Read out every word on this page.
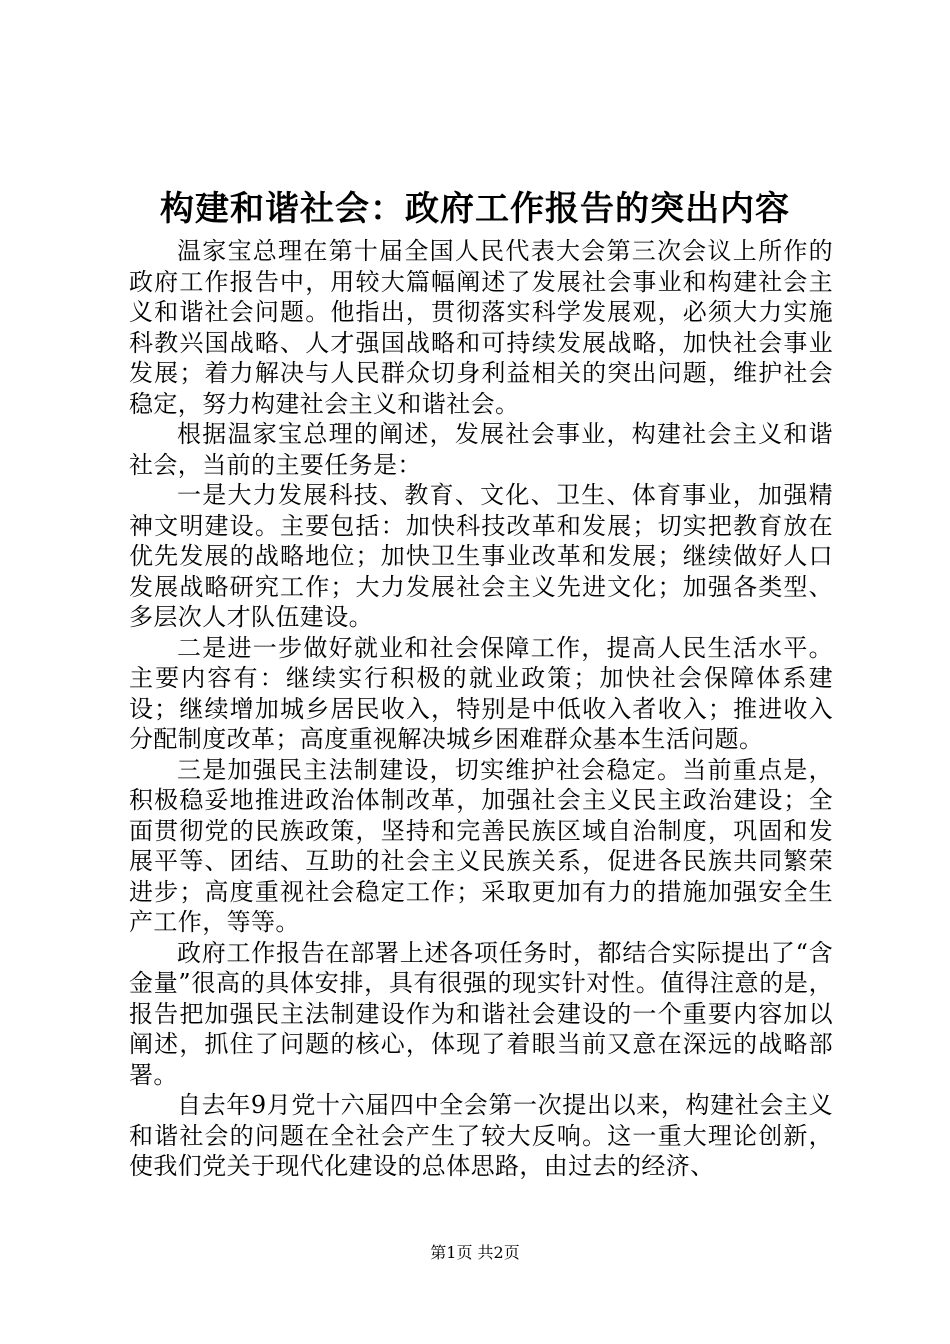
构建和谐社会：政府工作报告的突出内容

温家宝总理在第十届全国人民代表大会第三次会议上所作的政府工作报告中，用较大篇幅阐述了发展社会事业和构建社会主义和谐社会问题。他指出，贯彻落实科学发展观，必须大力实施科教兴国战略、人才强国战略和可持续发展战略，加快社会事业发展；着力解决与人民群众切身利益相关的突出问题，维护社会稳定，努力构建社会主义和谐社会。

根据温家宝总理的阐述，发展社会事业，构建社会主义和谐社会，当前的主要任务是：

一是大力发展科技、教育、文化、卫生、体育事业，加强精神文明建设。主要包括：加快科技改革和发展；切实把教育放在优先发展的战略地位；加快卫生事业改革和发展；继续做好人口发展战略研究工作；大力发展社会主义先进文化；加强各类型、多层次人才队伍建设。

二是进一步做好就业和社会保障工作，提高人民生活水平。主要内容有：继续实行积极的就业政策；加快社会保障体系建设；继续增加城乡居民收入，特别是中低收入者收入；推进收入分配制度改革；高度重视解决城乡困难群众基本生活问题。

三是加强民主法制建设，切实维护社会稳定。当前重点是，积极稳妥地推进政治体制改革，加强社会主义民主政治建设；全面贯彻党的民族政策，坚持和完善民族区域自治制度，巩固和发展平等、团结、互助的社会主义民族关系，促进各民族共同繁荣进步；高度重视社会稳定工作；采取更加有力的措施加强安全生产工作，等等。

政府工作报告在部署上述各项任务时，都结合实际提出了“含金量”很高的具体安排，具有很强的现实针对性。值得注意的是，报告把加强民主法制建设作为和谐社会建设的一个重要内容加以阐述，抓住了问题的核心，体现了着眼当前又意在深远的战略部署。

自去年9月党十六届四中全会第一次提出以来，构建社会主义和谐社会的问题在全社会产生了较大反响。这一重大理论创新，使我们党关于现代化建设的总体思路，由过去的经济、

第1页 共2页
